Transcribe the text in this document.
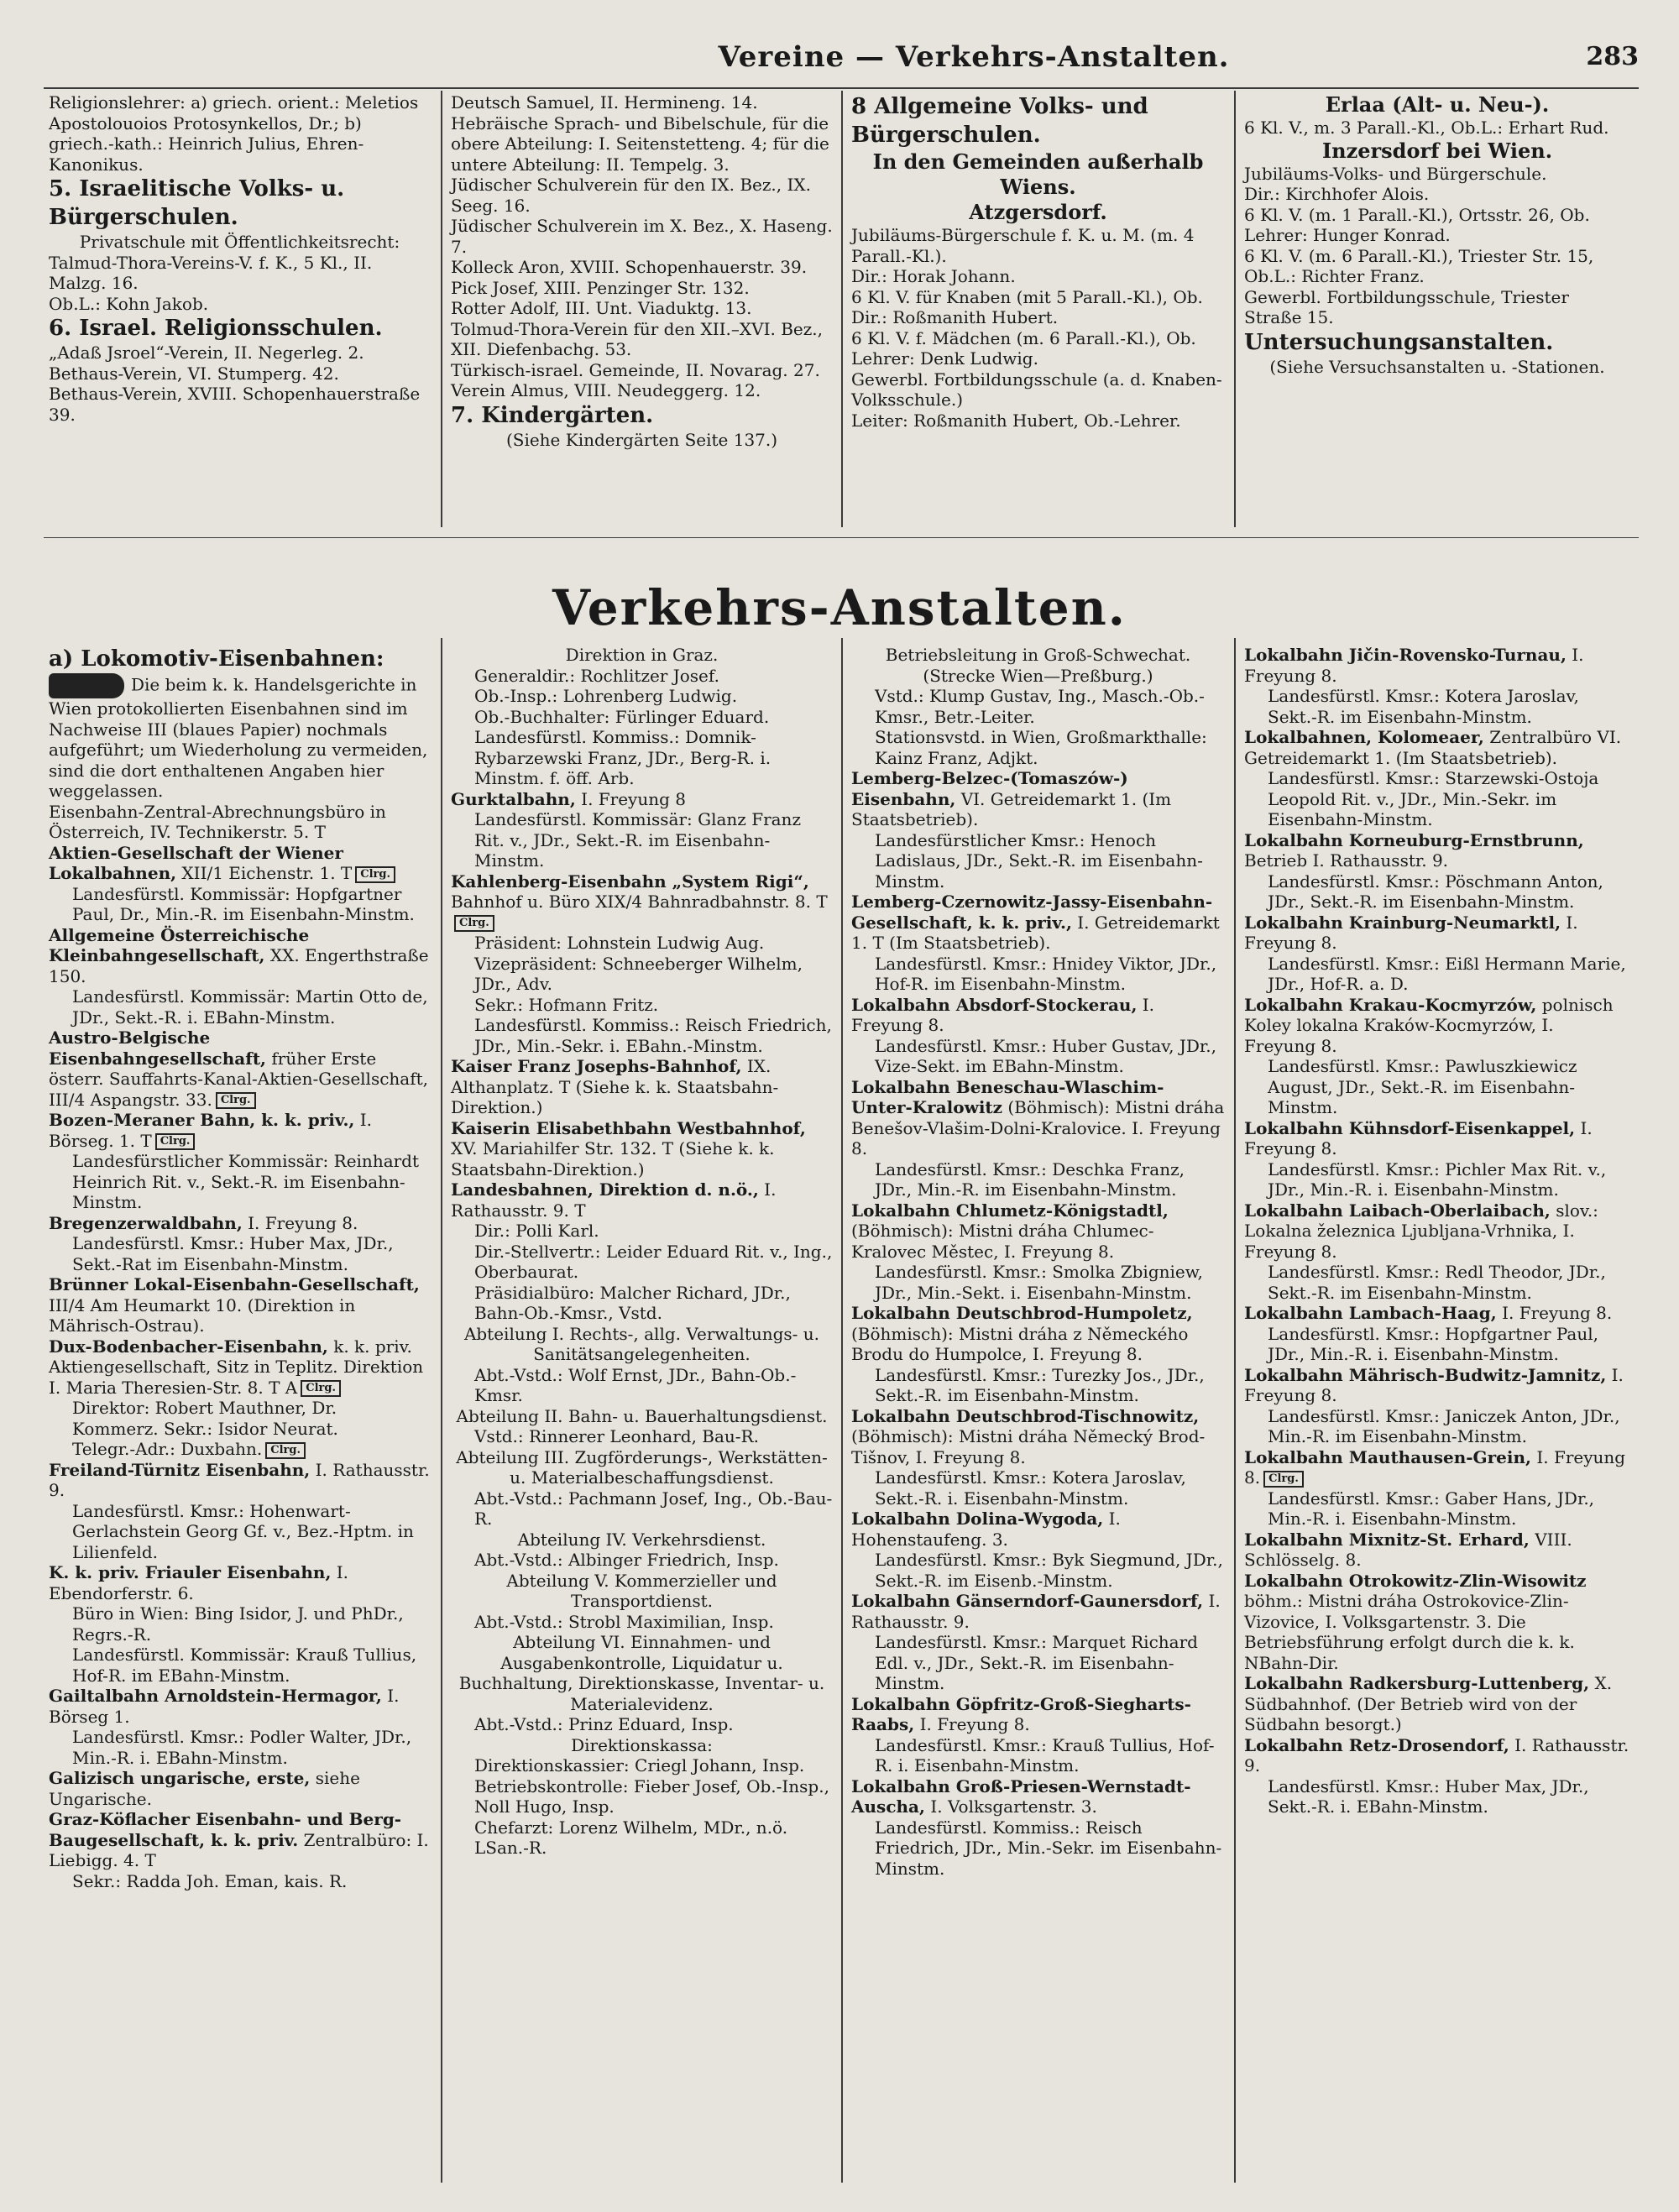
Vereine — Verkehrs-Anstalten.	283

Religionslehrer: a) griech. orient.: Meletios Apostolouoios Protosynkellos, Dr.; b) griech.-kath.: Heinrich Julius, Ehren-Kanonikus.

5. Israelitische Volks- u. Bürgerschulen.

Privatschule mit Öffentlichkeitsrecht:

Talmud-Thora-Vereins-V. f. K., 5 Kl., II. Malzg. 16.

Ob.L.: Kohn Jakob.

6. Israel. Religionsschulen.

„Adaß Jsroel“-Verein, II. Negerleg. 2.

Bethaus-Verein, VI. Stumperg. 42.

Bethaus-Verein, XVIII. Schopenhauerstraße 39.

Deutsch Samuel, II. Hermineng. 14.

Hebräische Sprach- und Bibelschule, für die obere Abteilung: I. Seitenstetteng. 4; für die untere Abteilung: II. Tempelg. 3.

Jüdischer Schulverein für den IX. Bez., IX. Seeg. 16.

Jüdischer Schulverein im X. Bez., X. Haseng. 7.

Kolleck Aron, XVIII. Schopenhauerstr. 39.

Pick Josef, XIII. Penzinger Str. 132.

Rotter Adolf, III. Unt. Viaduktg. 13.

Tolmud-Thora-Verein für den XII.–XVI. Bez., XII. Diefenbachg. 53.

Türkisch-israel. Gemeinde, II. Novarag. 27.

Verein Almus, VIII. Neudeggerg. 12.

7. Kindergärten.

(Siehe Kindergärten Seite 137.)

8 Allgemeine Volks- und Bürgerschulen.

In den Gemeinden außerhalb Wiens.

Atzgersdorf.

Jubiläums-Bürgerschule f. K. u. M. (m. 4 Parall.-Kl.).

Dir.: Horak Johann.

6 Kl. V. für Knaben (mit 5 Parall.-Kl.), Ob. Dir.: Roßmanith Hubert.

6 Kl. V. f. Mädchen (m. 6 Parall.-Kl.), Ob. Lehrer: Denk Ludwig.

Gewerbl. Fortbildungsschule (a. d. Knaben-Volksschule.)

Leiter: Roßmanith Hubert, Ob.-Lehrer.

Erlaa (Alt- u. Neu-).

6 Kl. V., m. 3 Parall.-Kl., Ob.L.: Erhart Rud.

Inzersdorf bei Wien.

Jubiläums-Volks- und Bürgerschule.

Dir.: Kirchhofer Alois.

6 Kl. V. (m. 1 Parall.-Kl.), Ortsstr. 26, Ob. Lehrer: Hunger Konrad.

6 Kl. V. (m. 6 Parall.-Kl.), Triester Str. 15, Ob.L.: Richter Franz.

Gewerbl. Fortbildungsschule, Triester Straße 15.

Untersuchungsanstalten.

(Siehe Versuchsanstalten u. -Stationen.

Verkehrs-Anstalten.

a) Lokomotiv-Eisenbahnen:

Die beim k. k. Handelsgerichte in Wien protokollierten Eisenbahnen sind im Nachweise III (blaues Papier) nochmals aufgeführt; um Wiederholung zu vermeiden, sind die dort enthaltenen Angaben hier weggelassen.

Eisenbahn-Zentral-Abrechnungsbüro in Österreich, IV. Technikerstr. 5. T

Aktien-Gesellschaft der Wiener Lokalbahnen, XII/1 Eichenstr. 1. T Clrg.

Landesfürstl. Kommissär: Hopfgartner Paul, Dr., Min.-R. im Eisenbahn-Minstm.

Allgemeine Österreichische Kleinbahngesellschaft, XX. Engerthstraße 150.

Landesfürstl. Kommissär: Martin Otto de, JDr., Sekt.-R. i. EBahn-Minstm.

Austro-Belgische Eisenbahngesellschaft, früher Erste österr. Sauffahrts-Kanal-Aktien-Gesellschaft, III/4 Aspangstr. 33. Clrg.

Bozen-Meraner Bahn, k. k. priv., I. Börseg. 1. T Clrg.

Landesfürstlicher Kommissär: Reinhardt Heinrich Rit. v., Sekt.-R. im Eisenbahn-Minstm.

Bregenzerwaldbahn, I. Freyung 8.

Landesfürstl. Kmsr.: Huber Max, JDr., Sekt.-Rat im Eisenbahn-Minstm.

Brünner Lokal-Eisenbahn-Gesellschaft, III/4 Am Heumarkt 10. (Direktion in Mährisch-Ostrau).

Dux-Bodenbacher-Eisenbahn, k. k. priv. Aktiengesellschaft, Sitz in Teplitz. Direktion I. Maria Theresien-Str. 8. T A Clrg.

Direktor: Robert Mauthner, Dr.

Kommerz. Sekr.: Isidor Neurat.

Telegr.-Adr.: Duxbahn. Clrg.

Freiland-Türnitz Eisenbahn, I. Rathausstr. 9.

Landesfürstl. Kmsr.: Hohenwart-Gerlachstein Georg Gf. v., Bez.-Hptm. in Lilienfeld.

K. k. priv. Friauler Eisenbahn, I. Ebendorferstr. 6.

Büro in Wien: Bing Isidor, J. und PhDr., Regrs.-R.

Landesfürstl. Kommissär: Krauß Tullius, Hof-R. im EBahn-Minstm.

Gailtalbahn Arnoldstein-Hermagor, I. Börseg 1.

Landesfürstl. Kmsr.: Podler Walter, JDr., Min.-R. i. EBahn-Minstm.

Galizisch ungarische, erste, siehe Ungarische.

Graz-Köflacher Eisenbahn- und Berg-Baugesellschaft, k. k. priv. Zentralbüro: I. Liebigg. 4. T

Sekr.: Radda Joh. Eman, kais. R.

Direktion in Graz.

Generaldir.: Rochlitzer Josef.

Ob.-Insp.: Lohrenberg Ludwig.

Ob.-Buchhalter: Fürlinger Eduard.

Landesfürstl. Kommiss.: Domnik-Rybarzewski Franz, JDr., Berg-R. i. Minstm. f. öff. Arb.

Gurktalbahn, I. Freyung 8

Landesfürstl. Kommissär: Glanz Franz Rit. v., JDr., Sekt.-R. im Eisenbahn-Minstm.

Kahlenberg-Eisenbahn „System Rigi“, Bahnhof u. Büro XIX/4 Bahnradbahnstr. 8. TClrg.

Präsident: Lohnstein Ludwig Aug.

Vizepräsident: Schneeberger Wilhelm, JDr., Adv.

Sekr.: Hofmann Fritz.

Landesfürstl. Kommiss.: Reisch Friedrich, JDr., Min.-Sekr. i. EBahn.-Minstm.

Kaiser Franz Josephs-Bahnhof, IX. Althanplatz. T (Siehe k. k. Staatsbahn-Direktion.)

Kaiserin Elisabethbahn Westbahnhof, XV. Mariahilfer Str. 132. T (Siehe k. k. Staatsbahn-Direktion.)

Landesbahnen, Direktion d. n.ö., I. Rathausstr. 9. T

Dir.: Polli Karl.

Dir.-Stellvertr.: Leider Eduard Rit. v., Ing., Oberbaurat.

Präsidialbüro: Malcher Richard, JDr., Bahn-Ob.-Kmsr., Vstd.

Abteilung I. Rechts-, allg. Verwaltungs- u. Sanitätsangelegenheiten.

Abt.-Vstd.: Wolf Ernst, JDr., Bahn-Ob.-Kmsr.

Abteilung II. Bahn- u. Bauerhaltungsdienst.

Vstd.: Rinnerer Leonhard, Bau-R.

Abteilung III. Zugförderungs-, Werkstätten- u. Materialbeschaffungsdienst.

Abt.-Vstd.: Pachmann Josef, Ing., Ob.-Bau-R.

Abteilung IV. Verkehrsdienst.

Abt.-Vstd.: Albinger Friedrich, Insp.

Abteilung V. Kommerzieller und Transportdienst.

Abt.-Vstd.: Strobl Maximilian, Insp.

Abteilung VI. Einnahmen- und Ausgabenkontrolle, Liquidatur u. Buchhaltung, Direktionskasse, Inventar- u. Materialevidenz.

Abt.-Vstd.: Prinz Eduard, Insp.

Direktionskassa:

Direktionskassier: Criegl Johann, Insp.

Betriebskontrolle: Fieber Josef, Ob.-Insp., Noll Hugo, Insp.

Chefarzt: Lorenz Wilhelm, MDr., n.ö. LSan.-R.

Betriebsleitung in Groß-Schwechat.

(Strecke Wien—Preßburg.)

Vstd.: Klump Gustav, Ing., Masch.-Ob.-Kmsr., Betr.-Leiter.

Stationsvstd. in Wien, Großmarkthalle: Kainz Franz, Adjkt.

Lemberg-Belzec-(Tomaszów-) Eisenbahn, VI. Getreidemarkt 1. (Im Staatsbetrieb).

Landesfürstlicher Kmsr.: Henoch Ladislaus, JDr., Sekt.-R. im Eisenbahn-Minstm.

Lemberg-Czernowitz-Jassy-Eisenbahn-Gesellschaft, k. k. priv., I. Getreidemarkt 1. T (Im Staatsbetrieb).

Landesfürstl. Kmsr.: Hnidey Viktor, JDr., Hof-R. im Eisenbahn-Minstm.

Lokalbahn Absdorf-Stockerau, I. Freyung 8.

Landesfürstl. Kmsr.: Huber Gustav, JDr., Vize-Sekt. im EBahn-Minstm.

Lokalbahn Beneschau-Wlaschim-Unter-Kralowitz (Böhmisch): Mistni dráha Benešov-Vlašim-Dolni-Kralovice. I. Freyung 8.

Landesfürstl. Kmsr.: Deschka Franz, JDr., Min.-R. im Eisenbahn-Minstm.

Lokalbahn Chlumetz-Königstadtl, (Böhmisch): Mistni dráha Chlumec-Kralovec Městec, I. Freyung 8.

Landesfürstl. Kmsr.: Smolka Zbigniew, JDr., Min.-Sekt. i. Eisenbahn-Minstm.

Lokalbahn Deutschbrod-Humpoletz, (Böhmisch): Mistni dráha z Německého Brodu do Humpolce, I. Freyung 8.

Landesfürstl. Kmsr.: Turezky Jos., JDr., Sekt.-R. im Eisenbahn-Minstm.

Lokalbahn Deutschbrod-Tischnowitz, (Böhmisch): Mistni dráha Německý Brod-Tišnov, I. Freyung 8.

Landesfürstl. Kmsr.: Kotera Jaroslav, Sekt.-R. i. Eisenbahn-Minstm.

Lokalbahn Dolina-Wygoda, I. Hohenstaufeng. 3.

Landesfürstl. Kmsr.: Byk Siegmund, JDr., Sekt.-R. im Eisenb.-Minstm.

Lokalbahn Gänserndorf-Gaunersdorf, I. Rathausstr. 9.

Landesfürstl. Kmsr.: Marquet Richard Edl. v., JDr., Sekt.-R. im Eisenbahn-Minstm.

Lokalbahn Göpfritz-Groß-Siegharts-Raabs, I. Freyung 8.

Landesfürstl. Kmsr.: Krauß Tullius, Hof-R. i. Eisenbahn-Minstm.

Lokalbahn Groß-Priesen-Wernstadt-Auscha, I. Volksgartenstr. 3.

Landesfürstl. Kommiss.: Reisch Friedrich, JDr., Min.-Sekr. im Eisenbahn-Minstm.

Lokalbahn Jičin-Rovensko-Turnau, I. Freyung 8.

Landesfürstl. Kmsr.: Kotera Jaroslav, Sekt.-R. im Eisenbahn-Minstm.

Lokalbahnen, Kolomeaer, Zentralbüro VI. Getreidemarkt 1. (Im Staatsbetrieb).

Landesfürstl. Kmsr.: Starzewski-Ostoja Leopold Rit. v., JDr., Min.-Sekr. im Eisenbahn-Minstm.

Lokalbahn Korneuburg-Ernstbrunn, Betrieb I. Rathausstr. 9.

Landesfürstl. Kmsr.: Pöschmann Anton, JDr., Sekt.-R. im Eisenbahn-Minstm.

Lokalbahn Krainburg-Neumarktl, I. Freyung 8.

Landesfürstl. Kmsr.: Eißl Hermann Marie, JDr., Hof-R. a. D.

Lokalbahn Krakau-Kocmyrzów, polnisch Koley lokalna Kraków-Kocmyrzów, I. Freyung 8.

Landesfürstl. Kmsr.: Pawluszkiewicz August, JDr., Sekt.-R. im Eisenbahn-Minstm.

Lokalbahn Kühnsdorf-Eisenkappel, I. Freyung 8.

Landesfürstl. Kmsr.: Pichler Max Rit. v., JDr., Min.-R. i. Eisenbahn-Minstm.

Lokalbahn Laibach-Oberlaibach, slov.: Lokalna železnica Ljubljana-Vrhnika, I. Freyung 8.

Landesfürstl. Kmsr.: Redl Theodor, JDr., Sekt.-R. im Eisenbahn-Minstm.

Lokalbahn Lambach-Haag, I. Freyung 8.

Landesfürstl. Kmsr.: Hopfgartner Paul, JDr., Min.-R. i. Eisenbahn-Minstm.

Lokalbahn Mährisch-Budwitz-Jamnitz, I. Freyung 8.

Landesfürstl. Kmsr.: Janiczek Anton, JDr., Min.-R. im Eisenbahn-Minstm.

Lokalbahn Mauthausen-Grein, I. Freyung 8. Clrg.

Landesfürstl. Kmsr.: Gaber Hans, JDr., Min.-R. i. Eisenbahn-Minstm.

Lokalbahn Mixnitz-St. Erhard, VIII. Schlösselg. 8.

Lokalbahn Otrokowitz-Zlin-Wisowitz böhm.: Mistni dráha Ostrokovice-Zlin-Vizovice, I. Volksgartenstr. 3. Die Betriebsführung erfolgt durch die k. k. NBahn-Dir.

Lokalbahn Radkersburg-Luttenberg, X. Südbahnhof. (Der Betrieb wird von der Südbahn besorgt.)

Lokalbahn Retz-Drosendorf, I. Rathausstr. 9.

Landesfürstl. Kmsr.: Huber Max, JDr., Sekt.-R. i. EBahn-Minstm.
